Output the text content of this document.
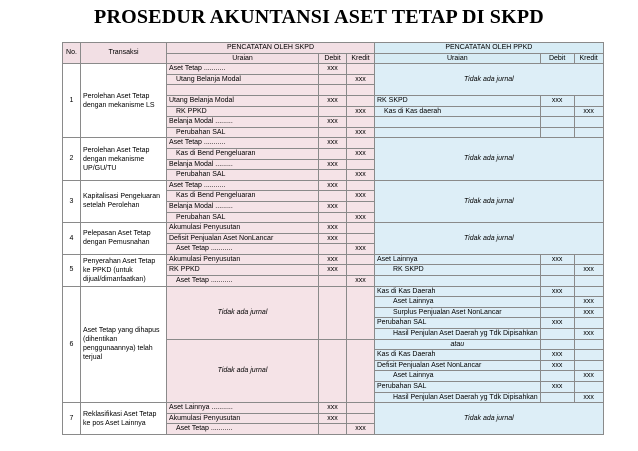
PROSEDUR AKUNTANSI ASET TETAP DI SKPD
No.	Transaksi	PENCATATAN OLEH SKPD			PENCATATAN OLEH PPKD		
		Uraian	Debit	Kredit	Uraian	Debit	Kredit
1	Perolehan Aset Tetap dengan mekanisme LS	Aset Tetap ...........	xxx		Tidak ada jurnal		
		Utang Belanja Modal		xxx			

		Utang Belanja Modal	xxx		RK SKPD	xxx	
		RK PPKD		xxx	Kas di Kas daerah		xxx
		Belanja Modal .........	xxx				
		Perubahan SAL		xxx			
2	Perolehan Aset Tetap dengan mekanisme UP/GU/TU	Aset Tetap ...........	xxx		Tidak ada jurnal		
		Kas di Bend Pengeluaran		xxx			
		Belanja Modal .........	xxx				
		Perubahan SAL		xxx			
3	Kapitalisasi Pengeluaran setelah Perolehan	Aset Tetap ...........	xxx		Tidak ada jurnal		
		Kas di Bend Pengeluaran		xxx			
		Belanja Modal .........	xxx				
		Perubahan SAL		xxx			
4	Pelepasan Aset Tetap dengan Pemusnahan	Akumulasi Penyusutan	xxx		Tidak ada jurnal		
		Defisit Penjualan Aset NonLancar	xxx				
		Aset Tetap ...........		xxx			
5	Penyerahan Aset Tetap ke PPKD (untuk dijual/dimanfaatkan)	Akumulasi Penyusutan	xxx		Aset Lainnya	xxx	
		RK PPKD	xxx		RK SKPD		xxx
		Aset Tetap ...........		xxx			
6	Aset Tetap yang dihapus (dihentikan penggunaannya) telah terjual	Tidak ada jurnal			Kas di Kas Daerah	xxx	
					Aset Lainnya		xxx
					Surplus Penjualan Aset NonLancar		xxx
					Perubahan SAL	xxx	
					Hasil Penjulan Aset Daerah yg Tdk Dipisahkan		xxx
		Tidak ada jurnal			atau		
					Kas di Kas Daerah	xxx	
					Defisit Penjualan Aset NonLancar	xxx	
					Aset Lainnya		xxx
					Perubahan SAL	xxx	
					Hasil Penjulan Aset Daerah yg Tdk Dipisahkan		xxx
7	Reklasifikasi Aset Tetap ke pos Aset Lainnya	Aset Lainnya ...........	xxx		Tidak ada jurnal		
		Akumulasi Penyusutan	xxx				
		Aset Tetap ...........		xxx			
